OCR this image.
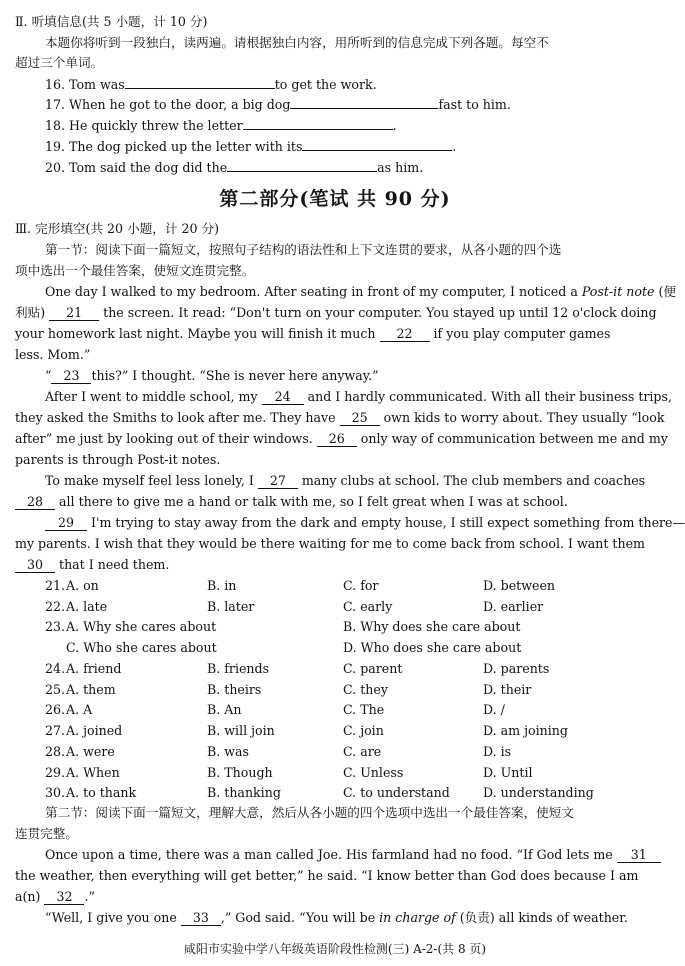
Ⅱ. 听填信息(共 5 小题，计 10 分)
本题你将听到一段独白，读两遍。请根据独白内容，用所听到的信息完成下列各题。每空不
超过三个单词。
16. Tom was	to get the work.
17. When he got to the door, a big dog	fast to him.
18. He quickly threw the letter	.
19. The dog picked up the letter with its	.
20. Tom said the dog did the	as him.
第二部分(笔试 共 90 分)
Ⅲ. 完形填空(共 20 小题，计 20 分)
第一节：阅读下面一篇短文，按照句子结构的语法性和上下文连贯的要求，从各小题的四个选
项中选出一个最佳答案，使短文连贯完整。
One day I walked to my bedroom. After seating in front of my computer, I noticed a Post-it note (便
利贴) 21 the screen. It read: “Don't turn on your computer. You stayed up until 12 o'clock doing
your homework last night. Maybe you will finish it much 22 if you play computer games
less. Mom.”
“ 23 this?” I thought. “She is never here anyway.”
After I went to middle school, my 24 and I hardly communicated. With all their business trips,
they asked the Smiths to look after me. They have 25 own kids to worry about. They usually “look
after” me just by looking out of their windows. 26 only way of communication between me and my
parents is through Post-it notes.
To make myself feel less lonely, I 27 many clubs at school. The club members and coaches
28 all there to give me a hand or talk with me, so I felt great when I was at school.
29 I'm trying to stay away from the dark and empty house, I still expect something from there—
my parents. I wish that they would be there waiting for me to come back from school. I want them
30 that I need them.
21. A. on	B. in	C. for	D. between
22. A. late	B. later	C. early	D. earlier
23. A. Why she cares about	B. Why does she care about
C. Who she cares about	D. Who does she care about
24. A. friend	B. friends	C. parent	D. parents
25. A. them	B. theirs	C. they	D. their
26. A. A	B. An	C. The	D. /
27. A. joined	B. will join	C. join	D. am joining
28. A. were	B. was	C. are	D. is
29. A. When	B. Though	C. Unless	D. Until
30. A. to thank	B. thanking	C. to understand	D. understanding
第二节：阅读下面一篇短文，理解大意，然后从各小题的四个选项中选出一个最佳答案，使短文
连贯完整。
Once upon a time, there was a man called Joe. His farmland had no food. “If God lets me 31
the weather, then everything will get better,” he said. “I know better than God does because I am
a(n) 32 .”
“Well, I give you one 33 ,” God said. “You will be in charge of (负责) all kinds of weather.
咸阳市实验中学八年级英语阶段性检测(三) A-2-(共 8 页)
